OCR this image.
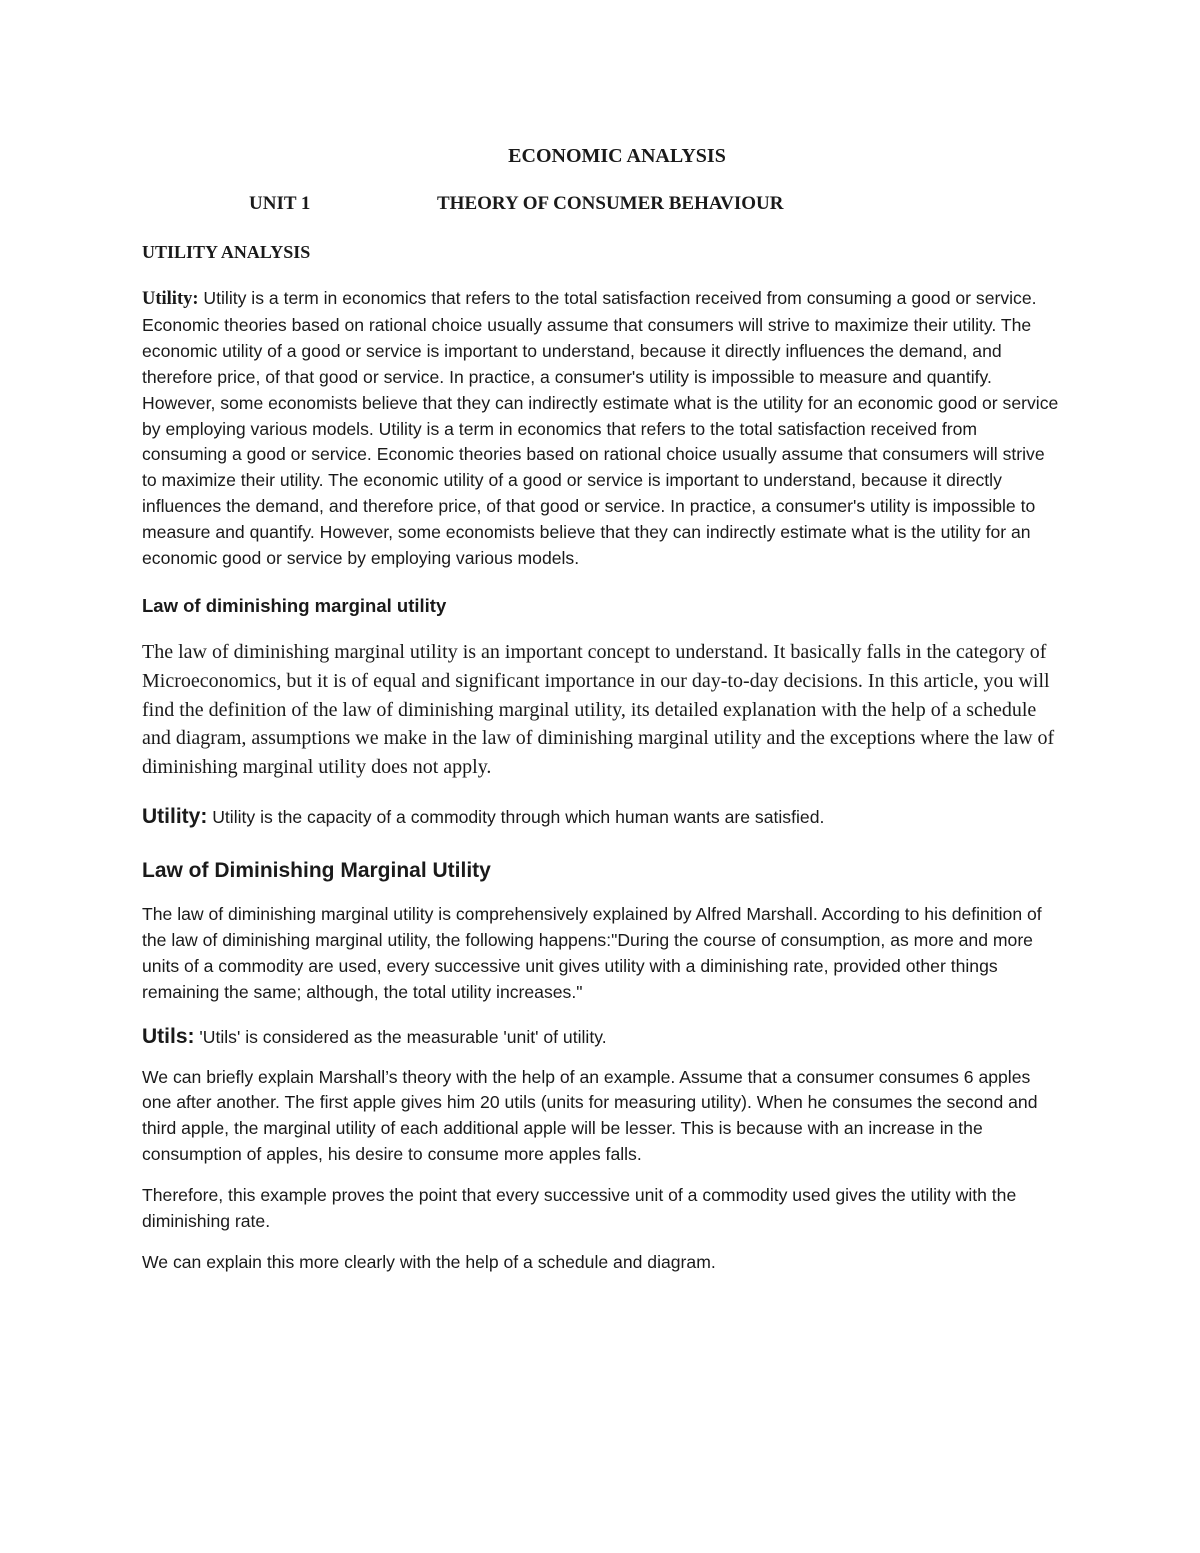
ECONOMIC ANALYSIS
UNIT 1	THEORY OF CONSUMER BEHAVIOUR
UTILITY ANALYSIS

Utility: Utility is a term in economics that refers to the total satisfaction received from consuming a good or service. Economic theories based on rational choice usually assume that consumers will strive to maximize their utility. The economic utility of a good or service is important to understand, because it directly influences the demand, and therefore price, of that good or service. In practice, a consumer's utility is impossible to measure and quantify. However, some economists believe that they can indirectly estimate what is the utility for an economic good or service by employing various models. Utility is a term in economics that refers to the total satisfaction received from consuming a good or service. Economic theories based on rational choice usually assume that consumers will strive to maximize their utility. The economic utility of a good or service is important to understand, because it directly influences the demand, and therefore price, of that good or service. In practice, a consumer's utility is impossible to measure and quantify. However, some economists believe that they can indirectly estimate what is the utility for an economic good or service by employing various models.

Law of diminishing marginal utility

The law of diminishing marginal utility is an important concept to understand. It basically falls in the category of Microeconomics, but it is of equal and significant importance in our day-to-day decisions. In this article, you will find the definition of the law of diminishing marginal utility, its detailed explanation with the help of a schedule and diagram, assumptions we make in the law of diminishing marginal utility and the exceptions where the law of diminishing marginal utility does not apply.

Utility: Utility is the capacity of a commodity through which human wants are satisfied.

Law of Diminishing Marginal Utility

The law of diminishing marginal utility is comprehensively explained by Alfred Marshall. According to his definition of the law of diminishing marginal utility, the following happens:"During the course of consumption, as more and more units of a commodity are used, every successive unit gives utility with a diminishing rate, provided other things remaining the same; although, the total utility increases."

Utils: 'Utils' is considered as the measurable 'unit' of utility.

We can briefly explain Marshall’s theory with the help of an example. Assume that a consumer consumes 6 apples one after another. The first apple gives him 20 utils (units for measuring utility). When he consumes the second and third apple, the marginal utility of each additional apple will be lesser. This is because with an increase in the consumption of apples, his desire to consume more apples falls.

Therefore, this example proves the point that every successive unit of a commodity used gives the utility with the diminishing rate.

We can explain this more clearly with the help of a schedule and diagram.
